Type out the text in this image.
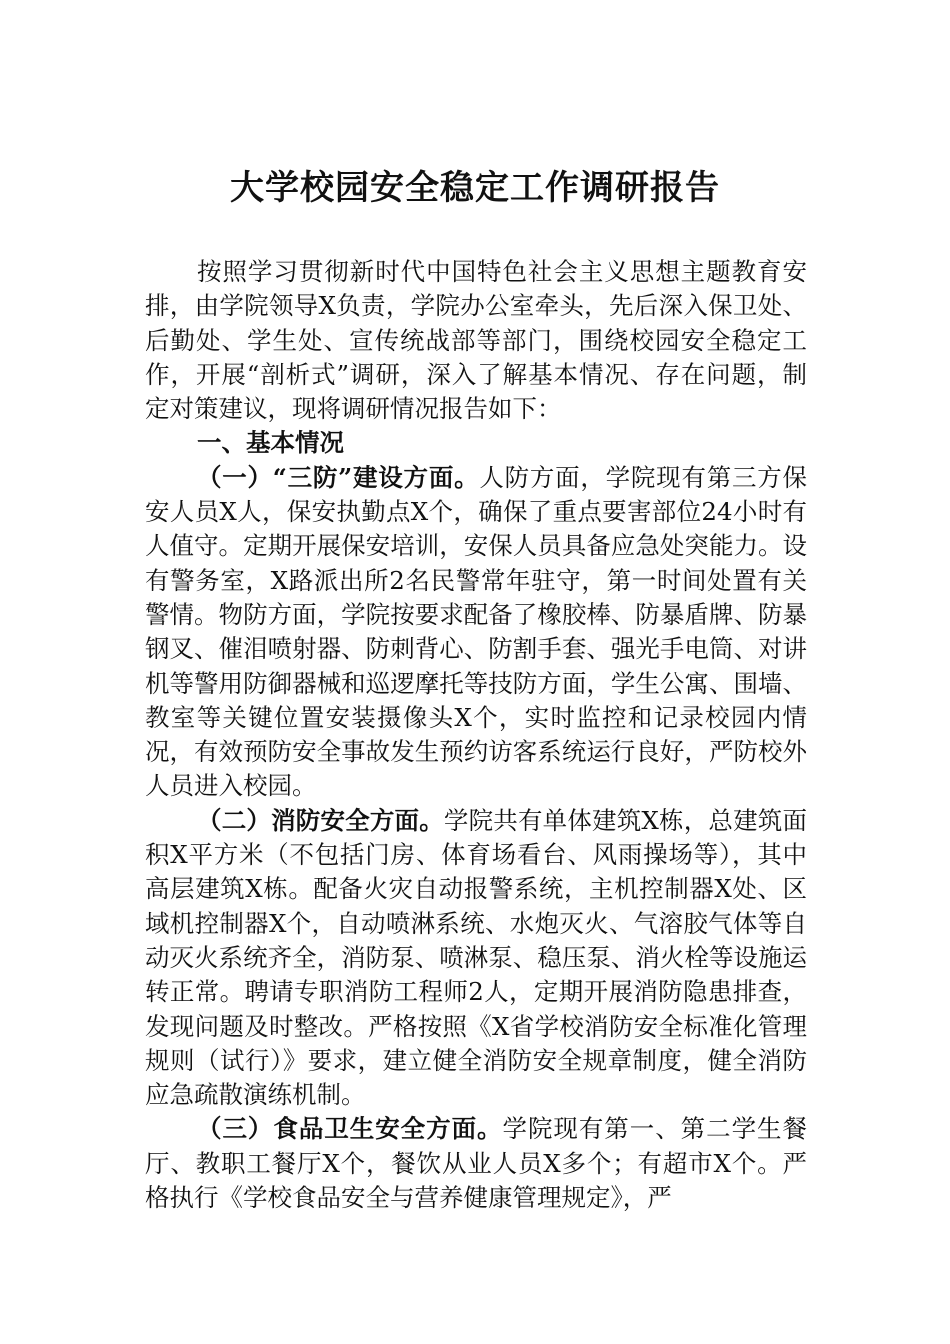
大学校园安全稳定工作调研报告

按照学习贯彻新时代中国特色社会主义思想主题教育安排，由学院领导X负责，学院办公室牵头，先后深入保卫处、后勤处、学生处、宣传统战部等部门，围绕校园安全稳定工作，开展“剖析式”调研，深入了解基本情况、存在问题，制定对策建议，现将调研情况报告如下：

一、基本情况

（一）“三防”建设方面。人防方面，学院现有第三方保安人员X人，保安执勤点X个，确保了重点要害部位24小时有人值守。定期开展保安培训，安保人员具备应急处突能力。设有警务室，X路派出所2名民警常年驻守，第一时间处置有关警情。物防方面，学院按要求配备了橡胶棒、防暴盾牌、防暴钢叉、催泪喷射器、防刺背心、防割手套、强光手电筒、对讲机等警用防御器械和巡逻摩托等技防方面，学生公寓、围墙、教室等关键位置安装摄像头X个，实时监控和记录校园内情况，有效预防安全事故发生预约访客系统运行良好，严防校外人员进入校园。

（二）消防安全方面。学院共有单体建筑X栋，总建筑面积X平方米（不包括门房、体育场看台、风雨操场等），其中高层建筑X栋。配备火灾自动报警系统，主机控制器X处、区域机控制器X个，自动喷淋系统、水炮灭火、气溶胶气体等自动灭火系统齐全，消防泵、喷淋泵、稳压泵、消火栓等设施运转正常。聘请专职消防工程师2人，定期开展消防隐患排查，发现问题及时整改。严格按照《X省学校消防安全标准化管理规则（试行）》要求，建立健全消防安全规章制度，健全消防应急疏散演练机制。

（三）食品卫生安全方面。学院现有第一、第二学生餐厅、教职工餐厅X个，餐饮从业人员X多个；有超市X个。严格执行《学校食品安全与营养健康管理规定》，严
